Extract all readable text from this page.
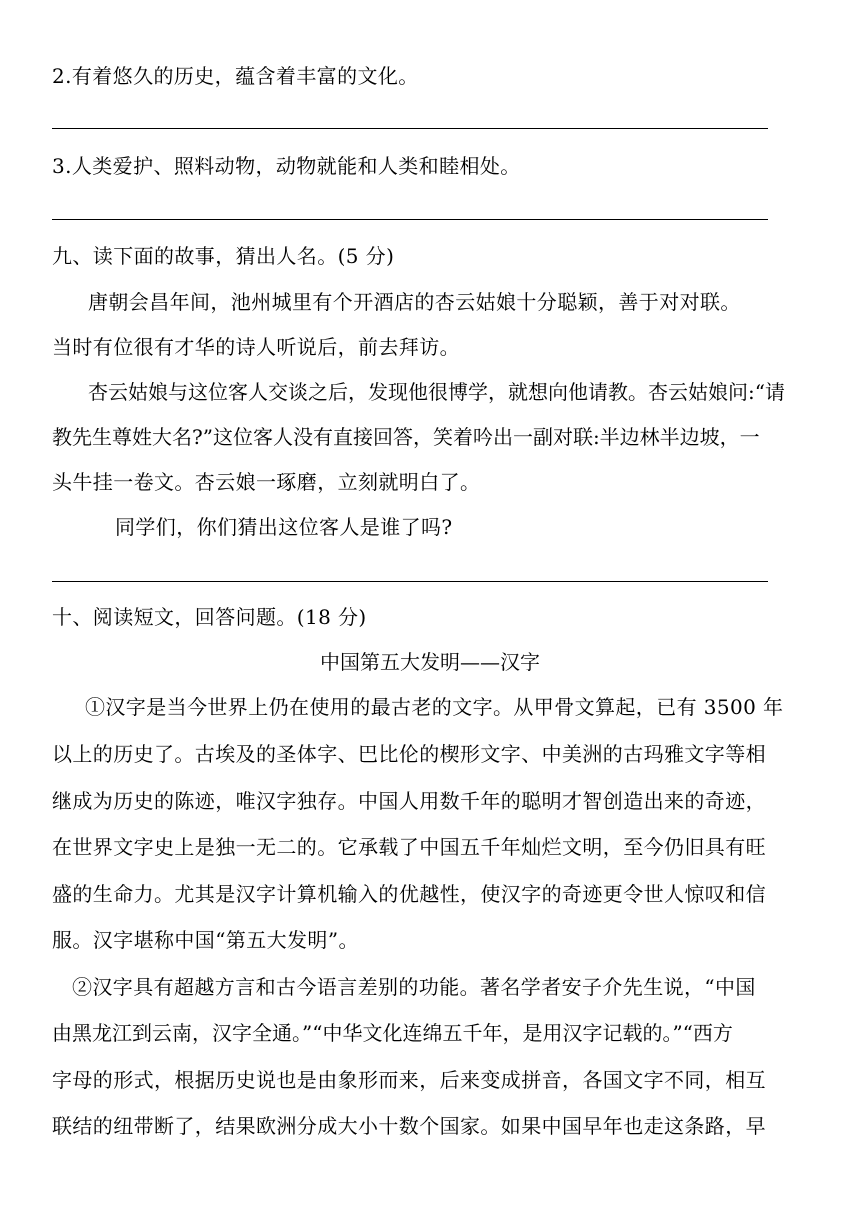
2.有着悠久的历史，蕴含着丰富的文化。
3.人类爱护、照料动物，动物就能和人类和睦相处。
九、读下面的故事，猜出人名。(5 分)
唐朝会昌年间，池州城里有个开酒店的杏云姑娘十分聪颖，善于对对联。
当时有位很有才华的诗人听说后，前去拜访。
杏云姑娘与这位客人交谈之后，发现他很博学，就想向他请教。杏云姑娘问:“请
教先生尊姓大名?”这位客人没有直接回答，笑着吟出一副对联:半边林半边坡，一
头牛挂一卷文。杏云娘一琢磨，立刻就明白了。
同学们，你们猜出这位客人是谁了吗?
十、阅读短文，回答问题。(18 分)
中国第五大发明——汉字
①汉字是当今世界上仍在使用的最古老的文字。从甲骨文算起，已有 3500 年
以上的历史了。古埃及的圣体字、巴比伦的楔形文字、中美洲的古玛雅文字等相
继成为历史的陈迹，唯汉字独存。中国人用数千年的聪明才智创造出来的奇迹，
在世界文字史上是独一无二的。它承载了中国五千年灿烂文明，至今仍旧具有旺
盛的生命力。尤其是汉字计算机输入的优越性，使汉字的奇迹更令世人惊叹和信
服。汉字堪称中国“第五大发明”。
②汉字具有超越方言和古今语言差别的功能。著名学者安子介先生说，“中国
由黑龙江到云南，汉字全通。”“中华文化连绵五千年，是用汉字记载的。”“西方
字母的形式，根据历史说也是由象形而来，后来变成拼音，各国文字不同，相互
联结的纽带断了，结果欧洲分成大小十数个国家。如果中国早年也走这条路，早
